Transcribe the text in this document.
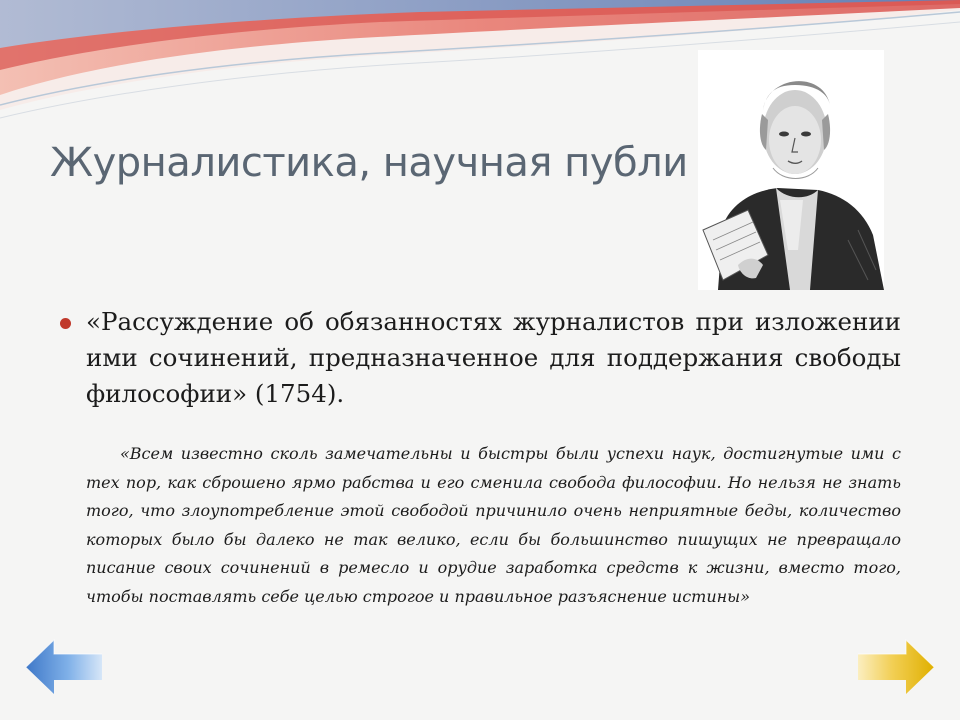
Журналистика, научная публи

«Рассуждение об обязанностях журналистов при изложении ими сочинений, предназначенное для поддержания свободы философии» (1754).

«Всем известно сколь замечательны и быстры были успехи наук, достигнутые ими с тех пор, как сброшено ярмо рабства и его сменила свобода философии. Но нельзя не знать того, что злоупотребление этой свободой причинило очень неприятные беды, количество которых было бы далеко не так велико, если бы большинство пишущих не превращало писание своих сочинений в ремесло и орудие заработка средств к жизни, вместо того, чтобы поставлять себе целью строгое и правильное разъяснение истины»
